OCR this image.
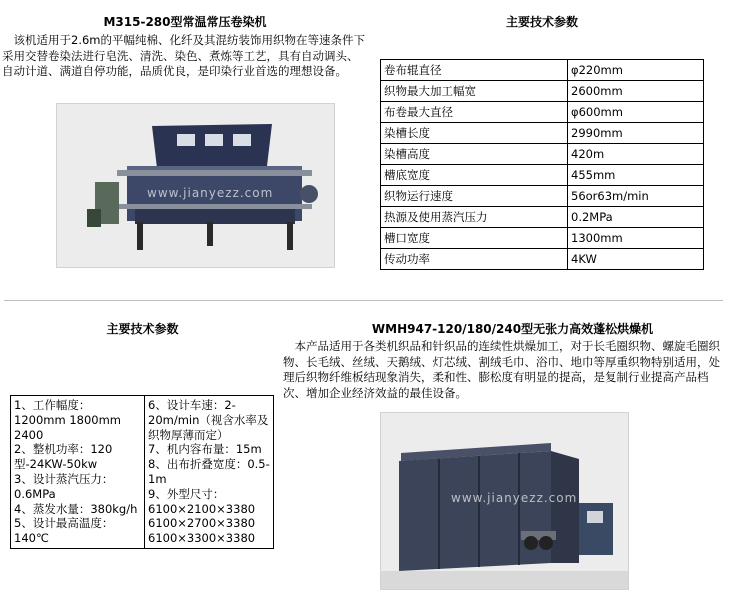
M315-280型常温常压卷染机
该机适用于2.6m的平幅纯棉、化纤及其混纺装饰用织物在等速条件下采用交替卷染法进行皂洗、清洗、染色、煮炼等工艺，具有自动调头、自动计道、满道自停功能，品质优良，是印染行业首选的理想设备。
www.jianyezz.com
主要技术参数
卷布辊直径	φ220mm
织物最大加工幅宽	2600mm
布卷最大直径	φ600mm
染槽长度	2990mm
染槽高度	420m
槽底宽度	455mm
织物运行速度	56or63m/min
热源及使用蒸汽压力	0.2MPa
槽口宽度	1300mm
传动功率	4KW
主要技术参数	WMH947-120/180/240型无张力高效蓬松烘燥机
本产品适用于各类机织品和针织品的连续性烘燥加工，对于长毛圈织物、螺旋毛圈织物、长毛绒、丝绒、天鹅绒、灯芯绒、割绒毛巾、浴巾、地巾等厚重织物特别适用，处理后织物纤维板结现象消失，柔和性、膨松度有明显的提高，是复制行业提高产品档次、增加企业经济效益的最佳设备。
1、工作幅度：
1200mm 1800mm
2400
2、整机功率：120
型-24KW-50kw
3、设计蒸汽压力：
0.6MPa
4、蒸发水量：380kg/h
5、设计最高温度：
140℃
6、设计车速：2-
20m/min（视含水率及
织物厚薄而定）
7、机内容布量：15m
8、出布折叠宽度：0.5-
1m
9、外型尺寸：
6100×2100×3380
6100×2700×3380
6100×3300×3380
www.jianyezz.com
